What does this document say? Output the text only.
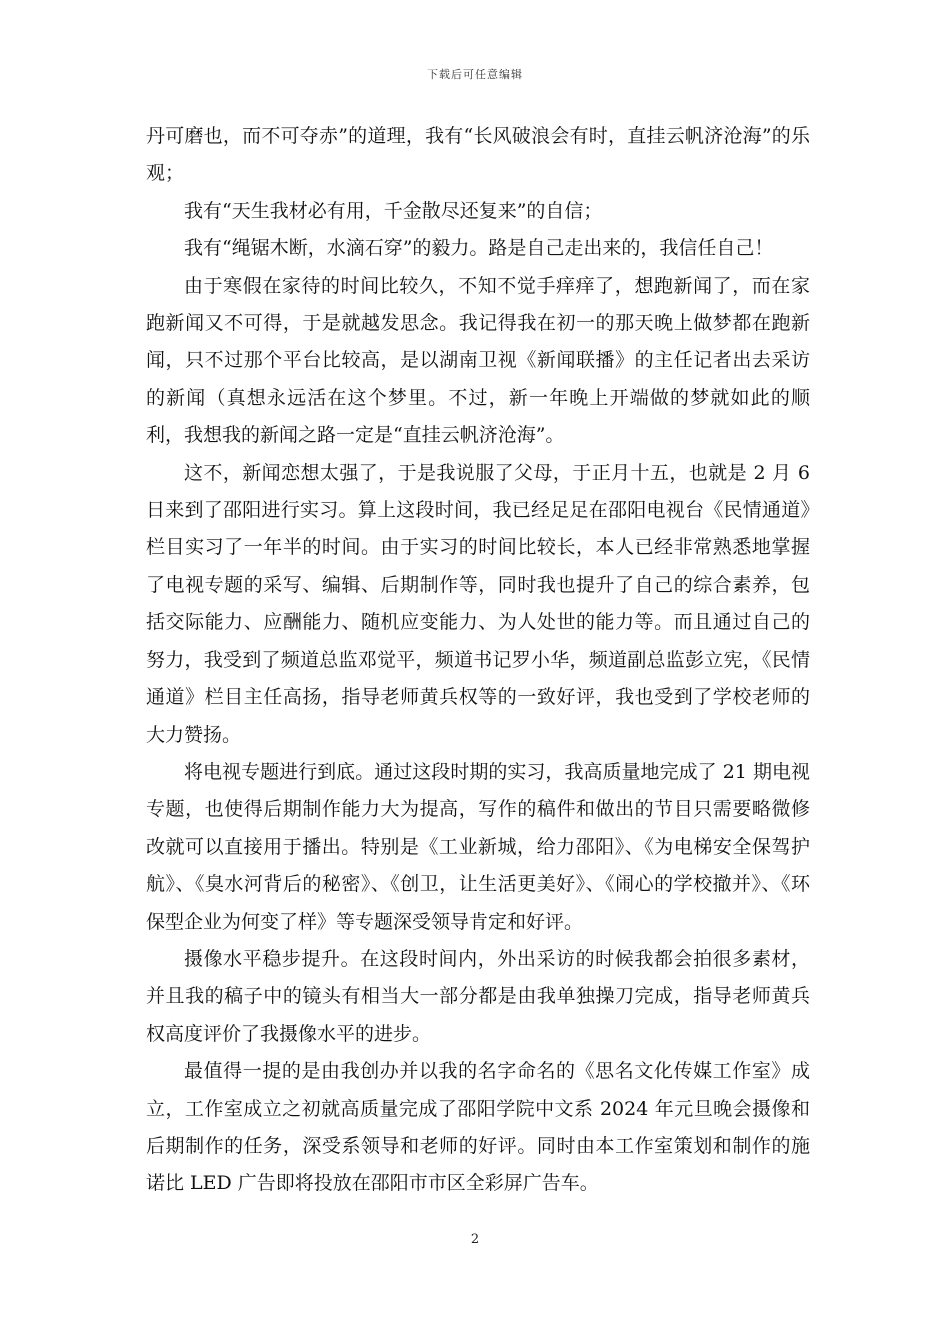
下载后可任意编辑

丹可磨也，而不可夺赤”的道理，我有“长风破浪会有时，直挂云帆济沧海”的乐观；

我有“天生我材必有用，千金散尽还复来”的自信；

我有“绳锯木断，水滴石穿”的毅力。路是自己走出来的，我信任自己！

由于寒假在家待的时间比较久，不知不觉手痒痒了，想跑新闻了，而在家跑新闻又不可得，于是就越发思念。我记得我在初一的那天晚上做梦都在跑新闻，只不过那个平台比较高，是以湖南卫视《新闻联播》的主任记者出去采访的新闻（真想永远活在这个梦里。不过，新一年晚上开端做的梦就如此的顺利，我想我的新闻之路一定是“直挂云帆济沧海”。

这不，新闻恋想太强了，于是我说服了父母，于正月十五，也就是 2 月 6 日来到了邵阳进行实习。算上这段时间，我已经足足在邵阳电视台《民情通道》栏目实习了一年半的时间。由于实习的时间比较长，本人已经非常熟悉地掌握了电视专题的采写、编辑、后期制作等，同时我也提升了自己的综合素养，包括交际能力、应酬能力、随机应变能力、为人处世的能力等。而且通过自己的努力，我受到了频道总监邓觉平，频道书记罗小华，频道副总监彭立宪，《民情通道》栏目主任高扬，指导老师黄兵权等的一致好评，我也受到了学校老师的大力赞扬。

将电视专题进行到底。通过这段时期的实习，我高质量地完成了 21 期电视专题，也使得后期制作能力大为提高，写作的稿件和做出的节目只需要略微修改就可以直接用于播出。特别是《工业新城，给力邵阳》、《为电梯安全保驾护航》、《臭水河背后的秘密》、《创卫，让生活更美好》、《闹心的学校撤并》、《环保型企业为何变了样》等专题深受领导肯定和好评。

摄像水平稳步提升。在这段时间内，外出采访的时候我都会拍很多素材，并且我的稿子中的镜头有相当大一部分都是由我单独操刀完成，指导老师黄兵权高度评价了我摄像水平的进步。

最值得一提的是由我创办并以我的名字命名的《思名文化传媒工作室》成立，工作室成立之初就高质量完成了邵阳学院中文系 2024 年元旦晚会摄像和后期制作的任务，深受系领导和老师的好评。同时由本工作室策划和制作的施诺比 LED 广告即将投放在邵阳市市区全彩屏广告车。

2
